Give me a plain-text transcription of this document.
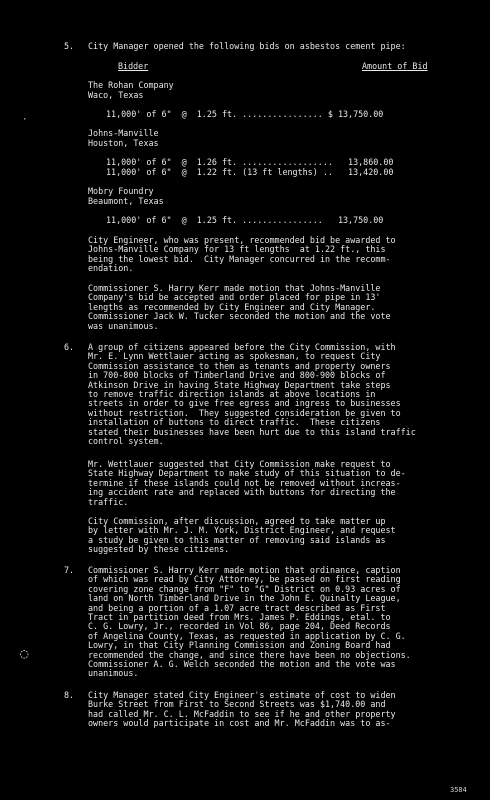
5. City Manager opened the following bids on asbestos cement pipe:
Bidder	Amount of Bid
The Rohan Company
Waco, Texas
11,000' of 6"  @  1.25 ft. ................ $ 13,750.00
Johns-Manville
Houston, Texas
11,000' of 6"  @  1.26 ft. ..................   13,860.00
11,000' of 6"  @  1.22 ft. (13 ft lengths) ..   13,420.00
Mobry Foundry
Beaumont, Texas
11,000' of 6"  @  1.25 ft. ................   13,750.00
City Engineer, who was present, recommended bid be awarded to
Johns-Manville Company for 13 ft lengths  at 1.22 ft., this
being the lowest bid.  City Manager concurred in the recomm-
endation.
Commissioner S. Harry Kerr made motion that Johns-Manville
Company's bid be accepted and order placed for pipe in 13'
lengths as recommended by City Engineer and City Manager.
Commissioner Jack W. Tucker seconded the motion and the vote
was unanimous.
6. A group of citizens appeared before the City Commission, with
Mr. E. Lynn Wettlauer acting as spokesman, to request City
Commission assistance to them as tenants and property owners
in 700-800 blocks of Timberland Drive and 800-900 blocks of
Atkinson Drive in having State Highway Department take steps
to remove traffic direction islands at above locations in
streets in order to give free egress and ingress to businesses
without restriction.  They suggested consideration be given to
installation of buttons to direct traffic.  These citizens
stated their businesses have been hurt due to this island traffic
control system.
Mr. Wettlauer suggested that City Commission make request to
State Highway Department to make study of this situation to de-
termine if these islands could not be removed without increas-
ing accident rate and replaced with buttons for directing the
traffic.
City Commission, after discussion, agreed to take matter up
by letter with Mr. J. M. York, District Engineer, and request
a study be given to this matter of removing said islands as
suggested by these citizens.
7. Commissioner S. Harry Kerr made motion that ordinance, caption
of which was read by City Attorney, be passed on first reading
covering zone change from "F" to "G" District on 0.93 acres of
land on North Timberland Drive in the John E. Quinalty League,
and being a portion of a 1.07 acre tract described as First
Tract in partition deed from Mrs. James P. Eddings, etal. to
C. G. Lowry, Jr., recorded in Vol 86, page 204, Deed Records
of Angelina County, Texas, as requested in application by C. G.
Lowry, in that City Planning Commission and Zoning Board had
recommended the change, and since there have been no objections.
Commissioner A. G. Welch seconded the motion and the vote was
unanimous.
8. City Manager stated City Engineer's estimate of cost to widen
Burke Street from First to Second Streets was $1,740.00 and
had called Mr. C. L. McFaddin to see if he and other property
owners would participate in cost and Mr. McFaddin was to as-
·
◌
3584
